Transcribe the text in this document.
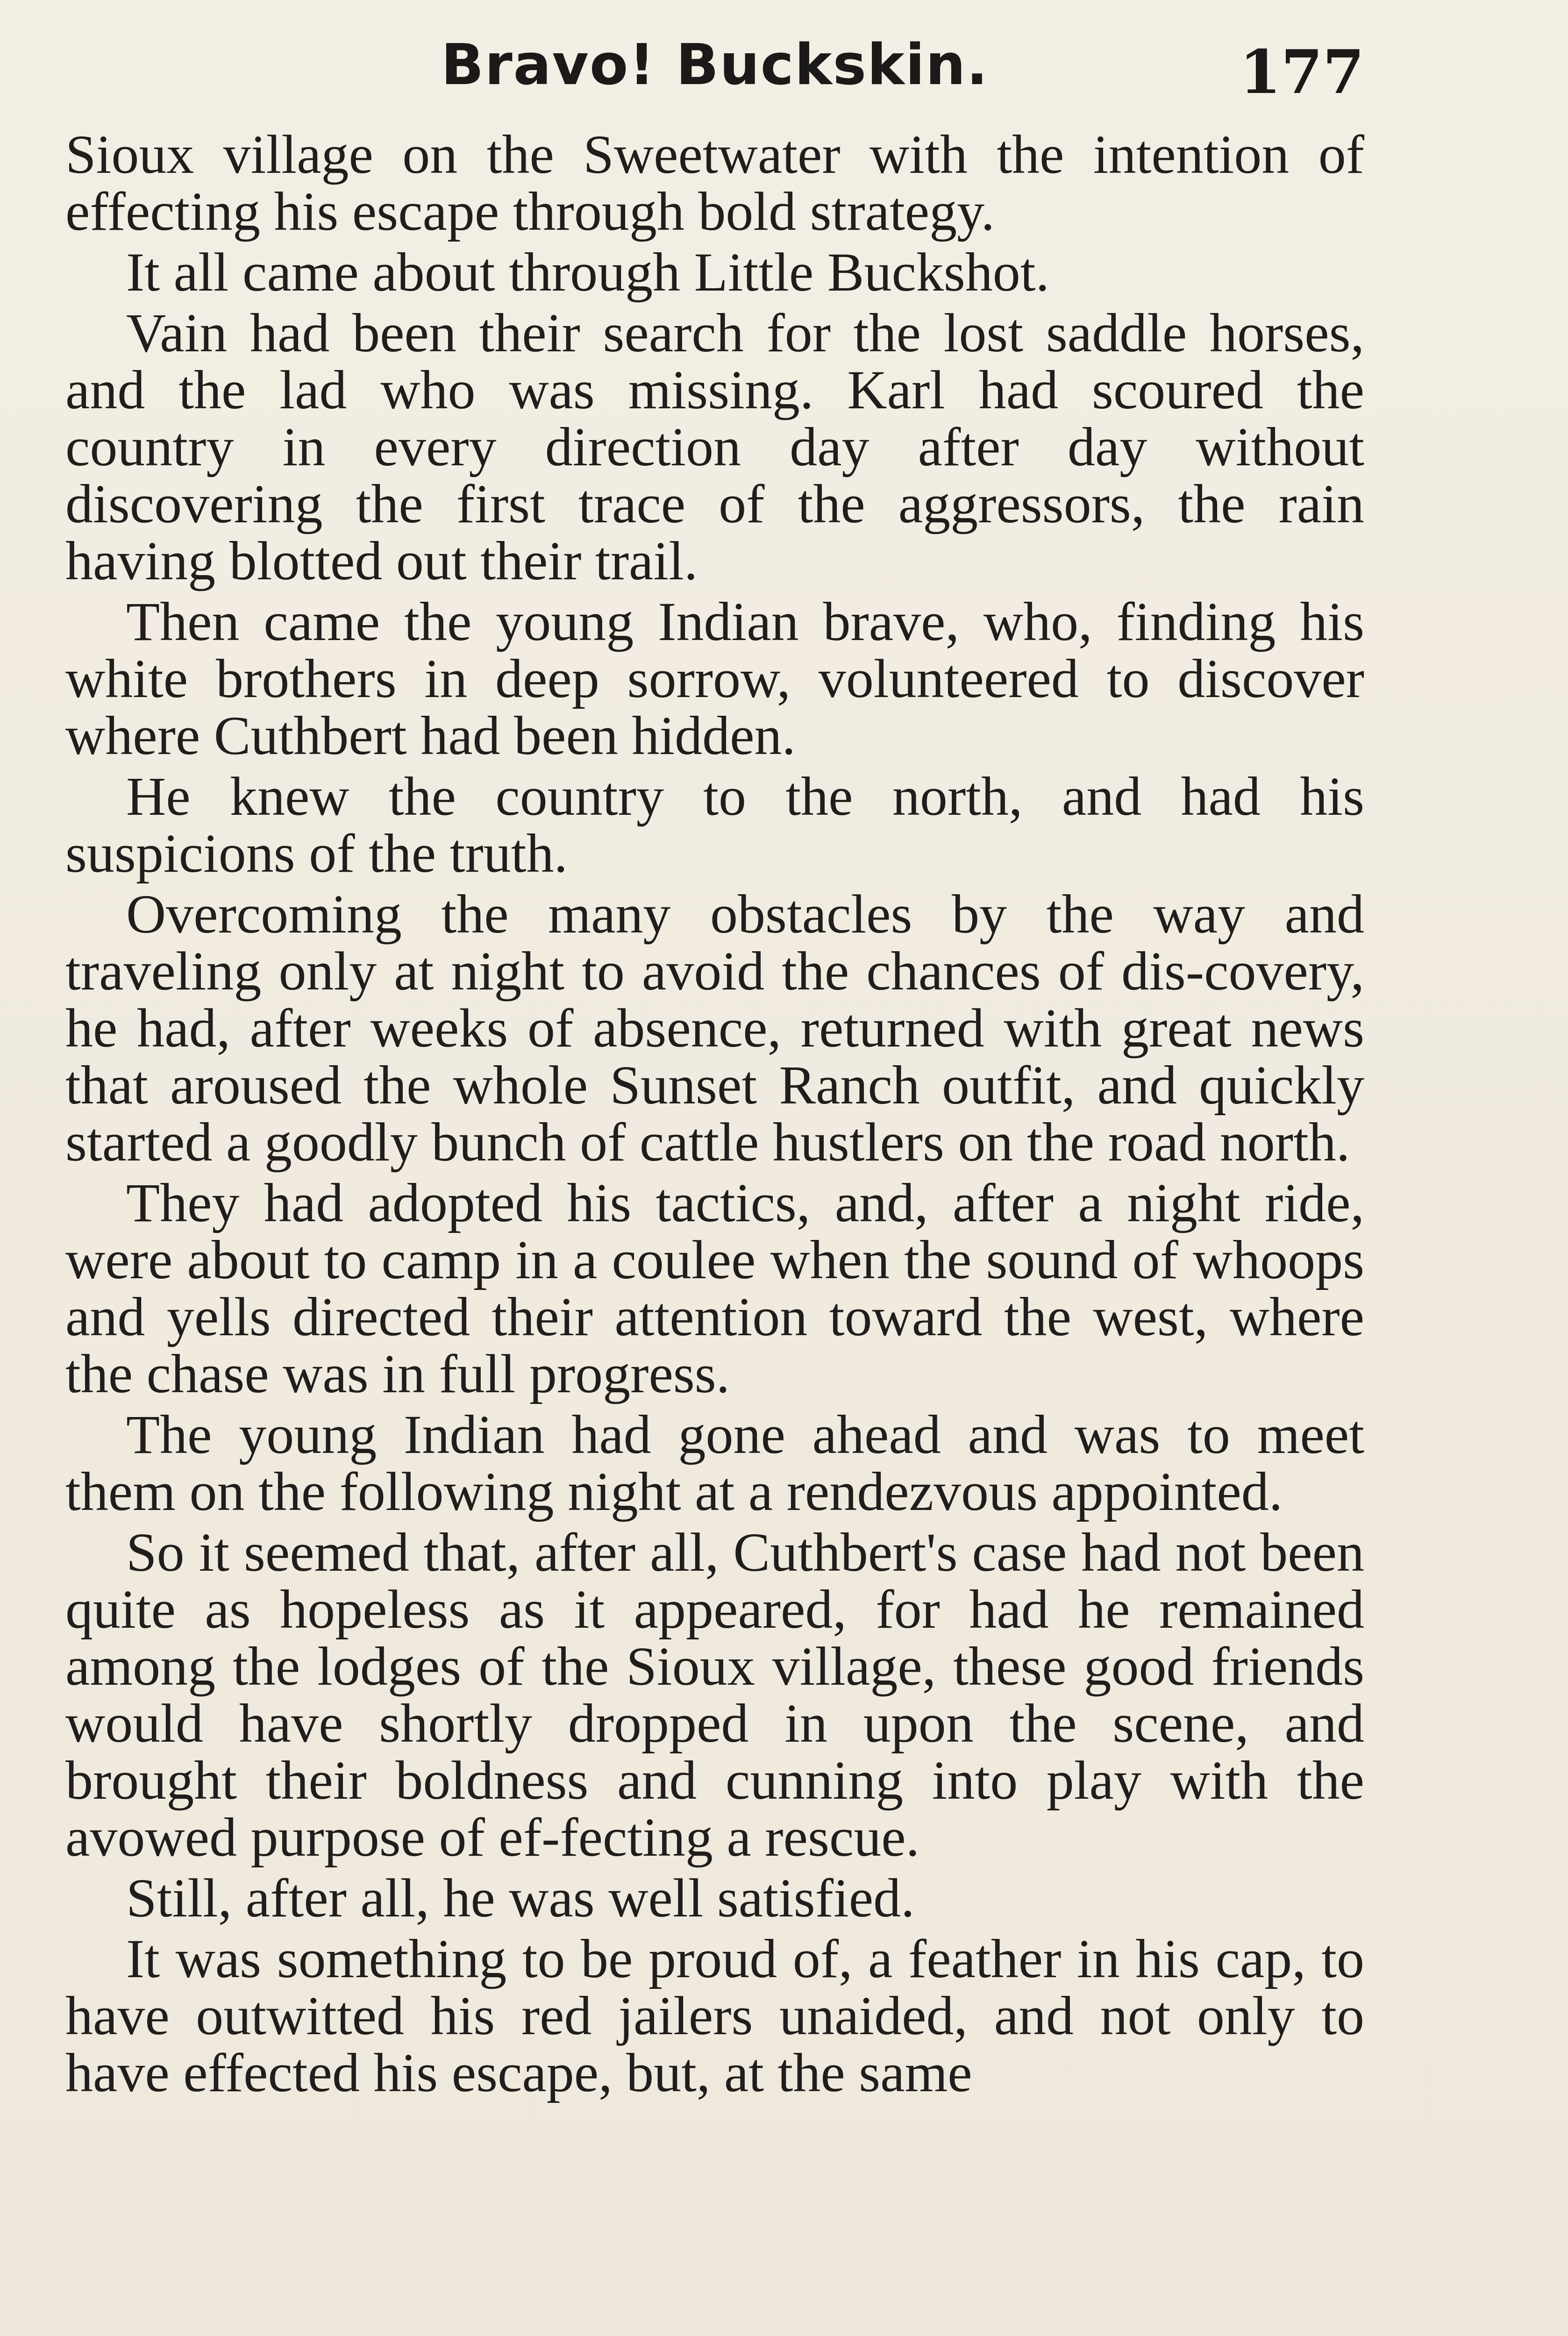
Bravo! Buckskin.	177

Sioux village on the Sweetwater with the intention of effecting his escape through bold strategy.

It all came about through Little Buckshot.

Vain had been their search for the lost saddle horses, and the lad who was missing. Karl had scoured the country in every direction day after day without discovering the first trace of the aggressors, the rain having blotted out their trail.

Then came the young Indian brave, who, finding his white brothers in deep sorrow, volunteered to discover where Cuthbert had been hidden.

He knew the country to the north, and had his suspicions of the truth.

Overcoming the many obstacles by the way and traveling only at night to avoid the chances of dis-covery, he had, after weeks of absence, returned with great news that aroused the whole Sunset Ranch outfit, and quickly started a goodly bunch of cattle hustlers on the road north.

They had adopted his tactics, and, after a night ride, were about to camp in a coulee when the sound of whoops and yells directed their attention toward the west, where the chase was in full progress.

The young Indian had gone ahead and was to meet them on the following night at a rendezvous appointed.

So it seemed that, after all, Cuthbert's case had not been quite as hopeless as it appeared, for had he remained among the lodges of the Sioux village, these good friends would have shortly dropped in upon the scene, and brought their boldness and cunning into play with the avowed purpose of ef-fecting a rescue.

Still, after all, he was well satisfied.

It was something to be proud of, a feather in his cap, to have outwitted his red jailers unaided, and not only to have effected his escape, but, at the same
